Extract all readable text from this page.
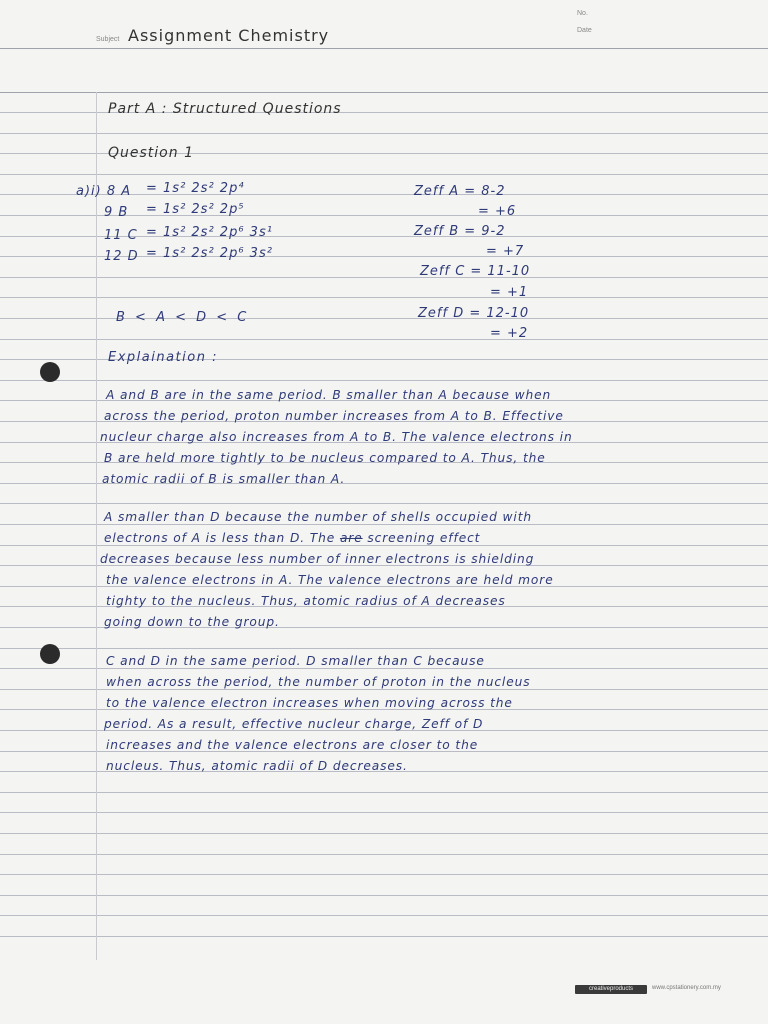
Subject Assignment Chemistry
No.
Date
Part A : Structured Questions
Question 1
a)i) 8 A = 1s² 2s² 2p⁴
9 B = 1s² 2s² 2p⁵
11 C = 1s² 2s² 2p⁶ 3s¹
12 D = 1s² 2s² 2p⁶ 3s²
Zeff A = 8-2
= +6
Zeff B = 9-2
= +7
Zeff C = 11-10
= +1
Zeff D = 12-10
= +2
B < A < D < C
Explaination :
A and B are in the same period. B smaller than A because when
across the period, proton number increases from A to B. Effective
nucleur charge also increases from A to B. The valence electrons in
B are held more tightly to be nucleus compared to A. Thus, the
atomic radii of B is smaller than A.
A smaller than D because the number of shells occupied with
electrons of A is less than D. The are screening effect
decreases because less number of inner electrons is shielding
the valence electrons in A. The valence electrons are held more
tighty to the nucleus. Thus, atomic radius of A decreases
going down to the group.
C and D in the same period. D smaller than C because
when across the period, the number of proton in the nucleus
to the valence electron increases when moving across the
period. As a result, effective nucleur charge, Zeff of D
increases and the valence electrons are closer to the
nucleus. Thus, atomic radii of D decreases.
creativeproducts	www.cpstationery.com.my
